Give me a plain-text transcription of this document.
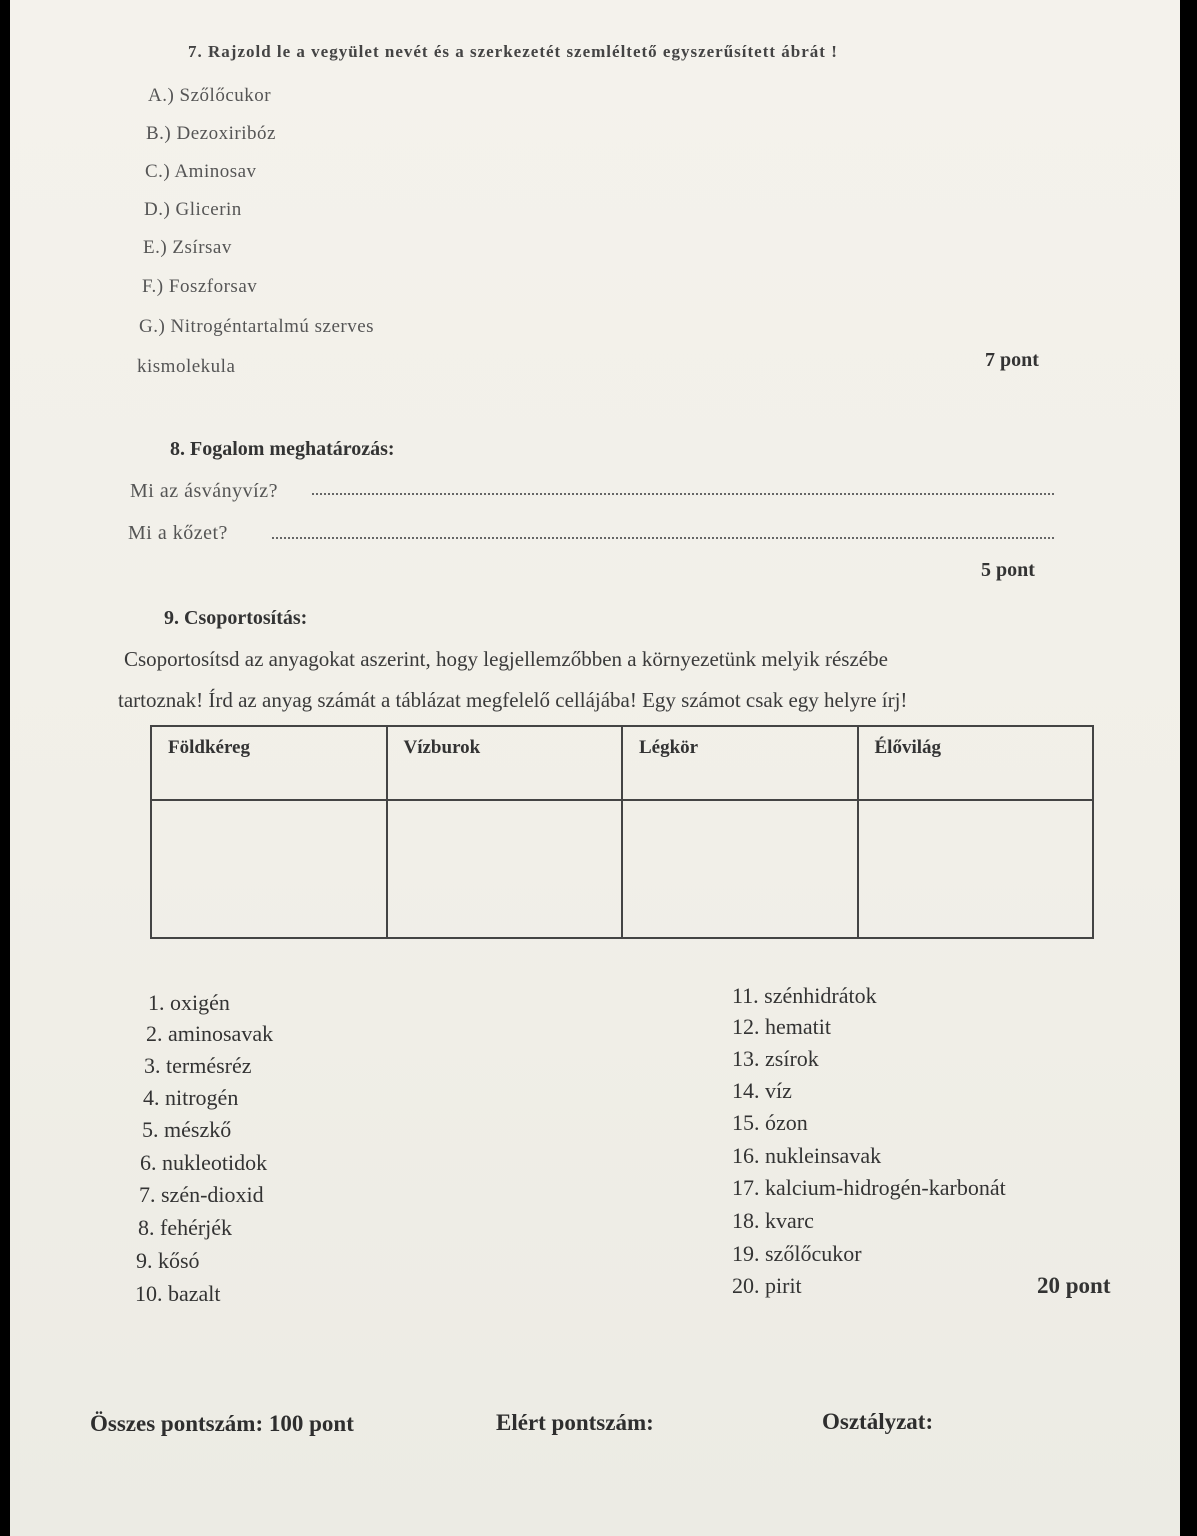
7. Rajzold le a vegyület nevét és a szerkezetét szemléltető egyszerűsített ábrát !
A.) Szőlőcukor
B.) Dezoxiribóz
C.) Aminosav
D.) Glicerin
E.) Zsírsav
F.) Foszforsav
G.) Nitrogéntartalmú szerves
kismolekula	7 pont
8. Fogalom meghatározás:
Mi az ásványvíz?
Mi a kőzet?
5 pont
9. Csoportosítás:
Csoportosítsd az anyagokat aszerint, hogy legjellemzőbben a környezetünk melyik részébe
tartoznak! Írd az anyag számát a táblázat megfelelő cellájába! Egy számot csak egy helyre írj!
Földkéreg	Vízburok	Légkör	Élővilág

1. oxigén
2. aminosavak
3. termésréz
4. nitrogén
5. mészkő
6. nukleotidok
7. szén-dioxid
8. fehérjék
9. kősó
10. bazalt
11. szénhidrátok
12. hematit
13. zsírok
14. víz
15. ózon
16. nukleinsavak
17. kalcium-hidrogén-karbonát
18. kvarc
19. szőlőcukor
20. pirit	20 pont
Összes pontszám: 100 pont	Elért pontszám:	Osztályzat:
